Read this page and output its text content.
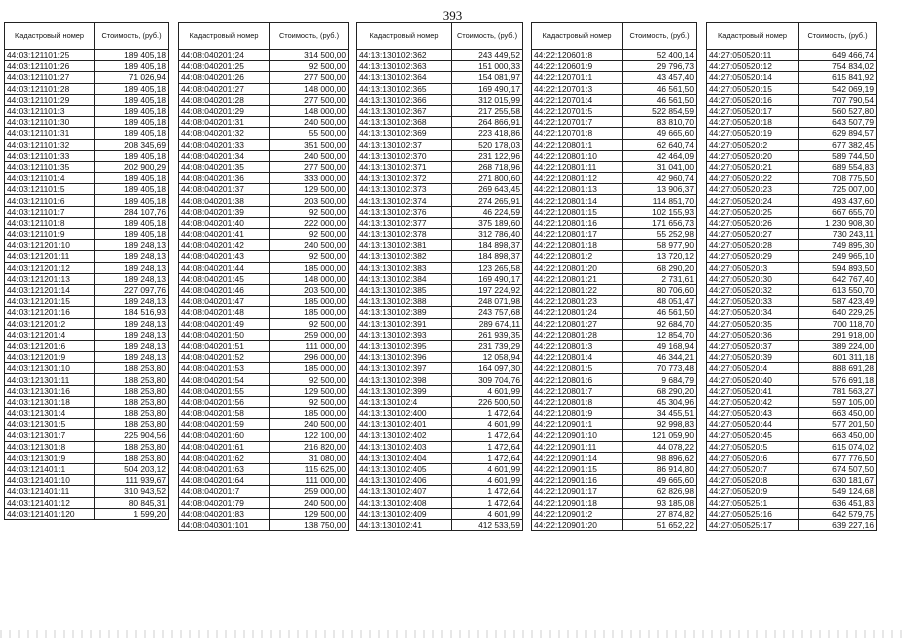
393
Кадастровый номер	Стоимость, (руб.)
44:03:121101:25	189 405,18
44:03:121101:26	189 405,18
44:03:121101:27	71 026,94
44:03:121101:28	189 405,18
44:03:121101:29	189 405,18
44:03:121101:3	189 405,18
44:03:121101:30	189 405,18
44:03:121101:31	189 405,18
44:03:121101:32	208 345,69
44:03:121101:33	189 405,18
44:03:121101:35	202 900,29
44:03:121101:4	189 405,18
44:03:121101:5	189 405,18
44:03:121101:6	189 405,18
44:03:121101:7	284 107,76
44:03:121101:8	189 405,18
44:03:121101:9	189 405,18
44:03:121201:10	189 248,13
44:03:121201:11	189 248,13
44:03:121201:12	189 248,13
44:03:121201:13	189 248,13
44:03:121201:14	227 097,76
44:03:121201:15	189 248,13
44:03:121201:16	184 516,93
44:03:121201:2	189 248,13
44:03:121201:4	189 248,13
44:03:121201:6	189 248,13
44:03:121201:9	189 248,13
44:03:121301:10	188 253,80
44:03:121301:11	188 253,80
44:03:121301:16	188 253,80
44:03:121301:18	188 253,80
44:03:121301:4	188 253,80
44:03:121301:5	188 253,80
44:03:121301:7	225 904,56
44:03:121301:8	188 253,80
44:03:121301:9	188 253,80
44:03:121401:1	504 203,12
44:03:121401:10	111 939,67
44:03:121401:11	310 943,52
44:03:121401:12	80 845,31
44:03:121401:120	1 599,20
Кадастровый номер	Стоимость, (руб.)
44:08:040201:24	314 500,00
44:08:040201:25	92 500,00
44:08:040201:26	277 500,00
44:08:040201:27	148 000,00
44:08:040201:28	277 500,00
44:08:040201:29	148 000,00
44:08:040201:31	240 500,00
44:08:040201:32	55 500,00
44:08:040201:33	351 500,00
44:08:040201:34	240 500,00
44:08:040201:35	277 500,00
44:08:040201:36	333 000,00
44:08:040201:37	129 500,00
44:08:040201:38	203 500,00
44:08:040201:39	92 500,00
44:08:040201:40	222 000,00
44:08:040201:41	92 500,00
44:08:040201:42	240 500,00
44:08:040201:43	92 500,00
44:08:040201:44	185 000,00
44:08:040201:45	148 000,00
44:08:040201:46	203 500,00
44:08:040201:47	185 000,00
44:08:040201:48	185 000,00
44:08:040201:49	92 500,00
44:08:040201:50	259 000,00
44:08:040201:51	111 000,00
44:08:040201:52	296 000,00
44:08:040201:53	185 000,00
44:08:040201:54	92 500,00
44:08:040201:55	129 500,00
44:08:040201:56	92 500,00
44:08:040201:58	185 000,00
44:08:040201:59	240 500,00
44:08:040201:60	122 100,00
44:08:040201:61	216 820,00
44:08:040201:62	31 080,00
44:08:040201:63	115 625,00
44:08:040201:64	111 000,00
44:08:040201:7	259 000,00
44:08:040201:79	240 500,00
44:08:040201:83	129 500,00
44:08:040301:101	138 750,00
Кадастровый номер	Стоимость, (руб.)
44:13:130102:362	243 449,52
44:13:130102:363	151 000,33
44:13:130102:364	154 081,97
44:13:130102:365	169 490,17
44:13:130102:366	312 015,99
44:13:130102:367	217 255,58
44:13:130102:368	264 866,91
44:13:130102:369	223 418,86
44:13:130102:37	520 178,03
44:13:130102:370	231 122,96
44:13:130102:371	268 718,96
44:13:130102:372	271 800,60
44:13:130102:373	269 643,45
44:13:130102:374	274 265,91
44:13:130102:376	46 224,59
44:13:130102:377	375 189,60
44:13:130102:378	312 786,40
44:13:130102:381	184 898,37
44:13:130102:382	184 898,37
44:13:130102:383	123 265,58
44:13:130102:384	169 490,17
44:13:130102:385	197 224,92
44:13:130102:388	248 071,98
44:13:130102:389	243 757,68
44:13:130102:391	289 674,11
44:13:130102:393	261 939,35
44:13:130102:395	231 739,29
44:13:130102:396	12 058,94
44:13:130102:397	164 097,30
44:13:130102:398	309 704,76
44:13:130102:399	4 601,99
44:13:130102:4	226 500,50
44:13:130102:400	1 472,64
44:13:130102:401	4 601,99
44:13:130102:402	1 472,64
44:13:130102:403	1 472,64
44:13:130102:404	1 472,64
44:13:130102:405	4 601,99
44:13:130102:406	4 601,99
44:13:130102:407	1 472,64
44:13:130102:408	1 472,64
44:13:130102:409	4 601,99
44:13:130102:41	412 533,59
Кадастровый номер	Стоимость, (руб.)
44:22:120601:8	52 400,14
44:22:120601:9	29 796,73
44:22:120701:1	43 457,40
44:22:120701:3	46 561,50
44:22:120701:4	46 561,50
44:22:120701:5	522 854,59
44:22:120701:7	83 810,70
44:22:120701:8	49 665,60
44:22:120801:1	62 640,74
44:22:120801:10	42 464,09
44:22:120801:11	31 041,00
44:22:120801:12	42 960,74
44:22:120801:13	13 906,37
44:22:120801:14	114 851,70
44:22:120801:15	102 155,93
44:22:120801:16	171 656,73
44:22:120801:17	55 252,98
44:22:120801:18	58 977,90
44:22:120801:2	13 720,12
44:22:120801:20	68 290,20
44:22:120801:21	2 731,61
44:22:120801:22	80 706,60
44:22:120801:23	48 051,47
44:22:120801:24	46 561,50
44:22:120801:27	92 684,70
44:22:120801:28	12 854,70
44:22:120801:3	49 168,94
44:22:120801:4	46 344,21
44:22:120801:5	70 773,48
44:22:120801:6	9 684,79
44:22:120801:7	68 290,20
44:22:120801:8	45 304,96
44:22:120801:9	34 455,51
44:22:120901:1	92 998,83
44:22:120901:10	121 059,90
44:22:120901:11	44 078,22
44:22:120901:14	98 896,62
44:22:120901:15	86 914,80
44:22:120901:16	49 665,60
44:22:120901:17	62 826,98
44:22:120901:18	93 185,08
44:22:120901:2	27 874,82
44:22:120901:20	51 652,22
Кадастровый номер	Стоимость, (руб.)
44:27:050520:11	649 466,74
44:27:050520:12	754 834,02
44:27:050520:14	615 841,92
44:27:050520:15	542 069,19
44:27:050520:16	707 790,54
44:27:050520:17	560 527,80
44:27:050520:18	643 507,79
44:27:050520:19	629 894,57
44:27:050520:2	677 382,45
44:27:050520:20	589 744,50
44:27:050520:21	689 554,83
44:27:050520:22	708 775,50
44:27:050520:23	725 007,00
44:27:050520:24	493 437,60
44:27:050520:25	667 655,70
44:27:050520:26	1 230 908,30
44:27:050520:27	730 243,11
44:27:050520:28	749 895,30
44:27:050520:29	249 965,10
44:27:050520:3	594 893,50
44:27:050520:30	642 767,40
44:27:050520:32	613 550,70
44:27:050520:33	587 423,49
44:27:050520:34	640 229,25
44:27:050520:35	700 118,70
44:27:050520:36	291 918,00
44:27:050520:37	389 224,00
44:27:050520:39	601 311,18
44:27:050520:4	888 691,28
44:27:050520:40	576 691,18
44:27:050520:41	781 563,27
44:27:050520:42	597 105,00
44:27:050520:43	663 450,00
44:27:050520:44	577 201,50
44:27:050520:45	663 450,00
44:27:050520:5	615 074,02
44:27:050520:6	677 776,50
44:27:050520:7	674 507,50
44:27:050520:8	630 181,67
44:27:050520:9	549 124,68
44:27:050525:1	636 451,83
44:27:050525:16	642 579,75
44:27:050525:17	639 227,16
